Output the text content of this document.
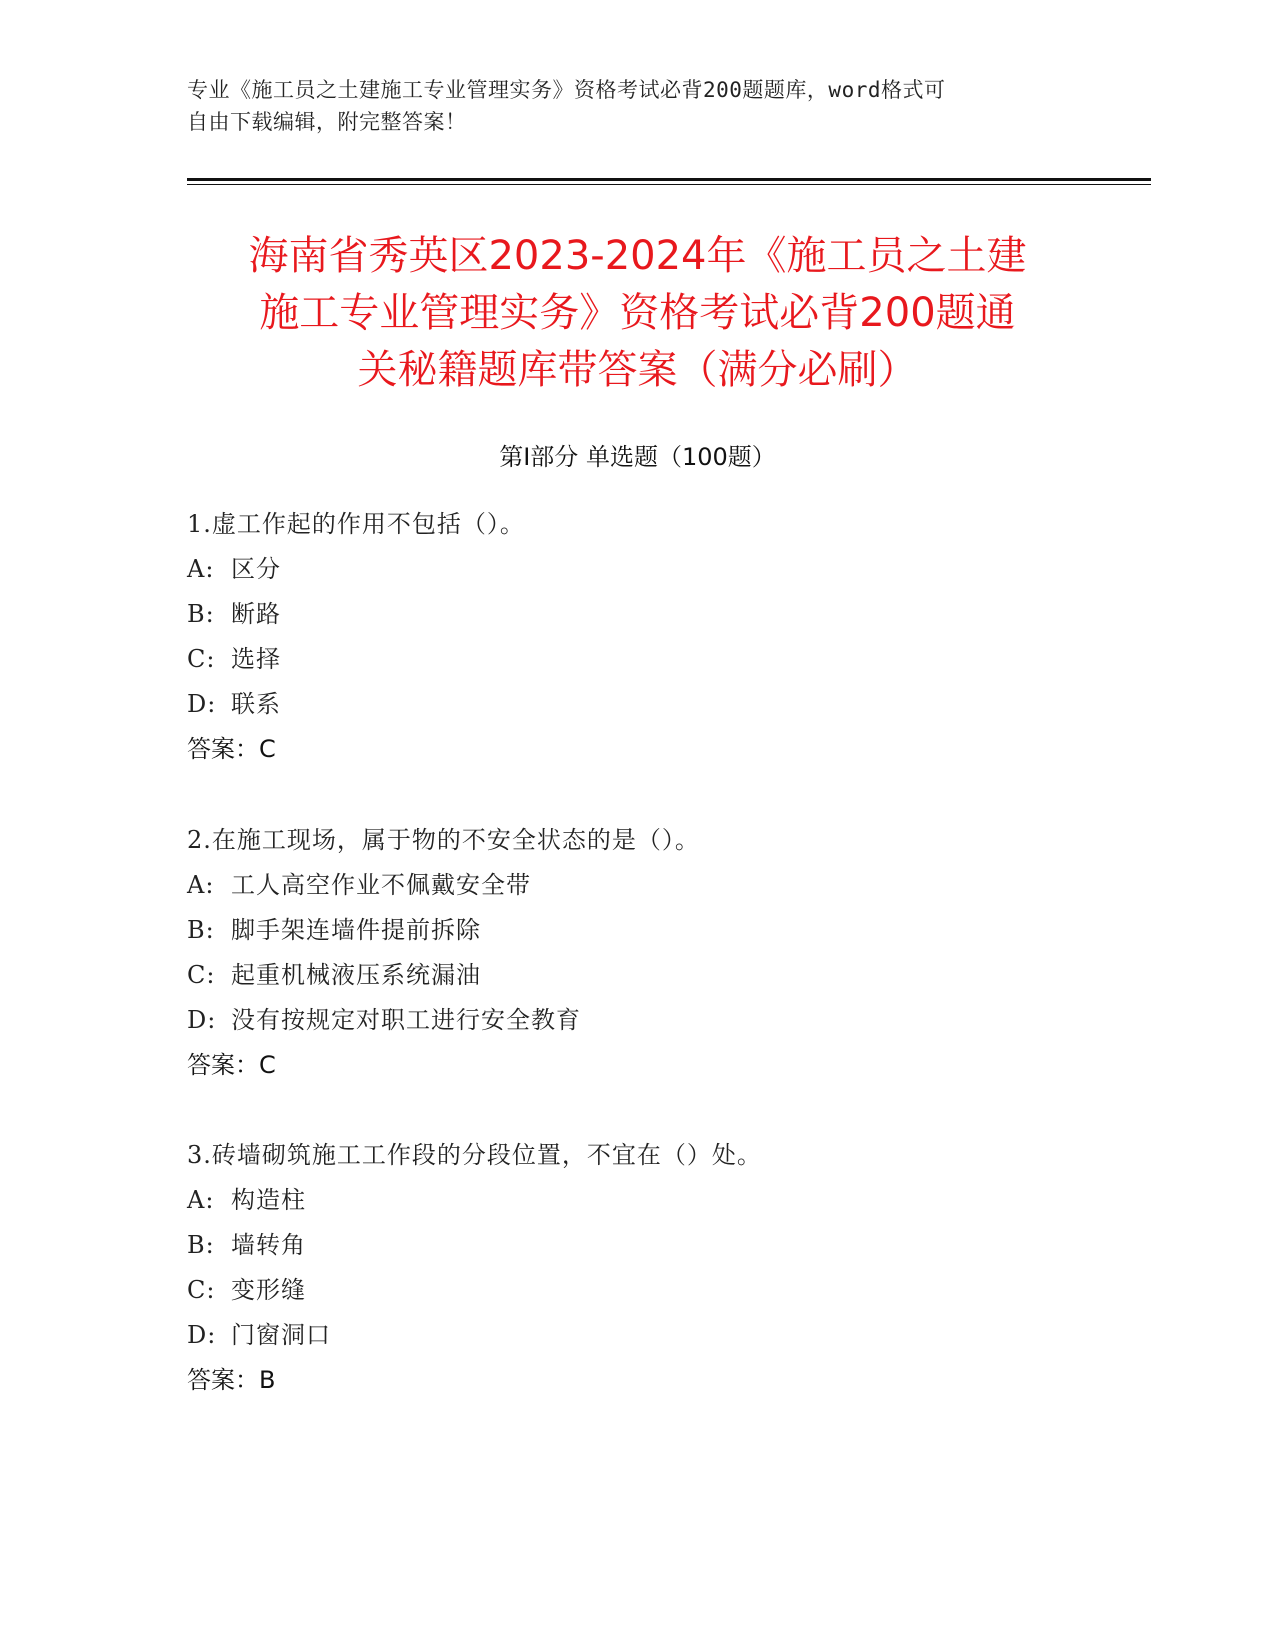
专业《施工员之土建施工专业管理实务》资格考试必背200题题库，word格式可
自由下载编辑，附完整答案！
海南省秀英区2023-2024年《施工员之土建
施工专业管理实务》资格考试必背200题通
关秘籍题库带答案（满分必刷）
第Ⅰ部分 单选题（100题）
1.虚工作起的作用不包括（）。
A: 区分
B: 断路
C: 选择
D: 联系
答案：C
2.在施工现场，属于物的不安全状态的是（）。
A: 工人高空作业不佩戴安全带
B: 脚手架连墙件提前拆除
C: 起重机械液压系统漏油
D: 没有按规定对职工进行安全教育
答案：C
3.砖墙砌筑施工工作段的分段位置，不宜在（）处。
A: 构造柱
B: 墙转角
C: 变形缝
D: 门窗洞口
答案：B
